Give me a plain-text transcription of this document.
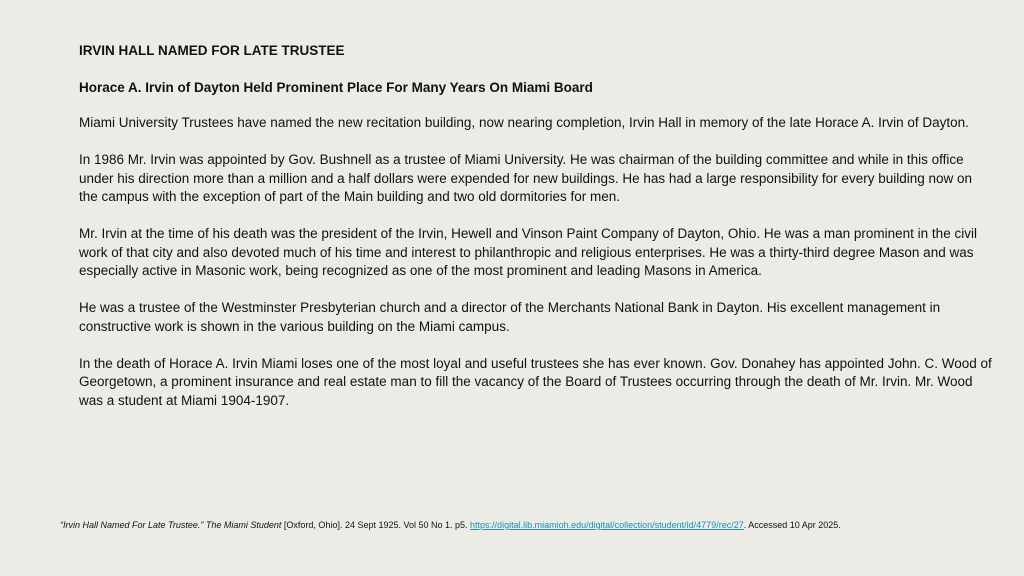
IRVIN HALL NAMED FOR LATE TRUSTEE
Horace A. Irvin of Dayton Held Prominent Place For Many Years On Miami Board

Miami University Trustees have named the new recitation building, now nearing completion, Irvin Hall in memory of the late Horace A. Irvin of Dayton.

In 1986 Mr. Irvin was appointed by Gov. Bushnell as a trustee of Miami University. He was chairman of the building committee and while in this office under his direction more than a million and a half dollars were expended for new buildings. He has had a large responsibility for every building now on the campus with the exception of part of the Main building and two old dormitories for men.

Mr. Irvin at the time of his death was the president of the Irvin, Hewell and Vinson Paint Company of Dayton, Ohio. He was a man prominent in the civil work of that city and also devoted much of his time and interest to philanthropic and religious enterprises. He was a thirty-third degree Mason and was especially active in Masonic work, being recognized as one of the most prominent and leading Masons in America.

He was a trustee of the Westminster Presbyterian church and a director of the Merchants National Bank in Dayton. His excellent management in constructive work is shown in the various building on the Miami campus.

In the death of Horace A. Irvin Miami loses one of the most loyal and useful trustees she has ever known. Gov. Donahey has appointed John. C. Wood of Georgetown, a prominent insurance and real estate man to fill the vacancy of the Board of Trustees occurring through the death of Mr. Irvin. Mr. Wood was a student at Miami 1904-1907.

“Irvin Hall Named For Late Trustee.” The Miami Student [Oxford, Ohio]. 24 Sept 1925. Vol 50 No 1. p5. https://digital.lib.miamioh.edu/digital/collection/student/id/4779/rec/27. Accessed 10 Apr 2025.
